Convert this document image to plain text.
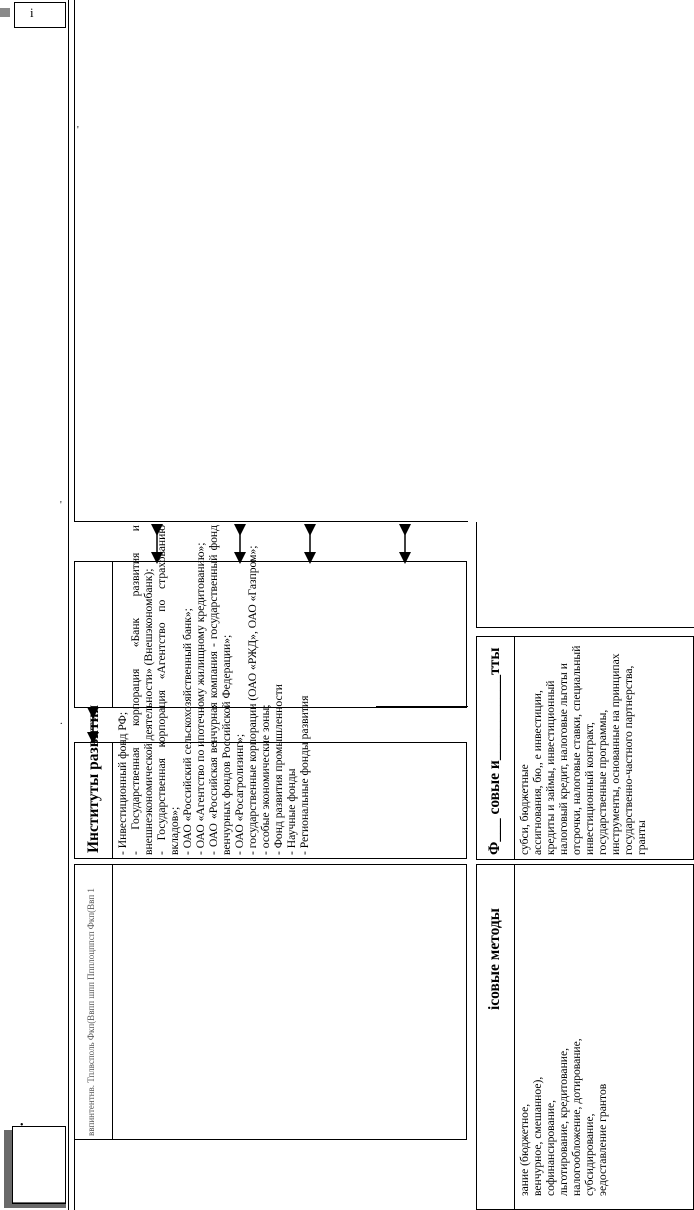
i
•
'
.
'
Институты развития - Инвестиционный фонд РФ; - Государственная корпорация «Банк развития и внешнеэкономической деятельности» (Внешэкономбанк); - Государственная корпорация «Агентство по страхованию вкладов»; - ОАО «Российский сельскохозяйственный банк»; - ОАО «Агентство по ипотечному жилищному кредитованию»; - ОАО «Российская венчурная компания - государственный фонд венчурных фондов Российской Федерации»; - ОАО «Росагролизинг»; - государственные корпорации (ОАО «РЖД», ОАО «Газпром»; - особые экономические зоны; - Фонд развития промышленности - Научные фонды - Региональные фонды развития

ввпинтентнв. Тплвсполь Фкп(Ввпп шпп Ппплоцппсп Фкп(Ввп 1
Ф___ совые и___________тты субси, бюджетные ассигнования, бю,, е инвестиции, кредиты и займы, инвестиционный налоговый кредит, налоговые льготы и отсрочки, налоговые ставки, специальный инвестиционный контракт, государственные программы, инструменты, основанные на принципах государственно-частного партнерства, гранты

ісовые методы

зание (бюджетное, венчурное, смешанное), софинансирование, льготирование, кредитование, налогообложение, дотирование, субсидирование, эедоставление грантов
